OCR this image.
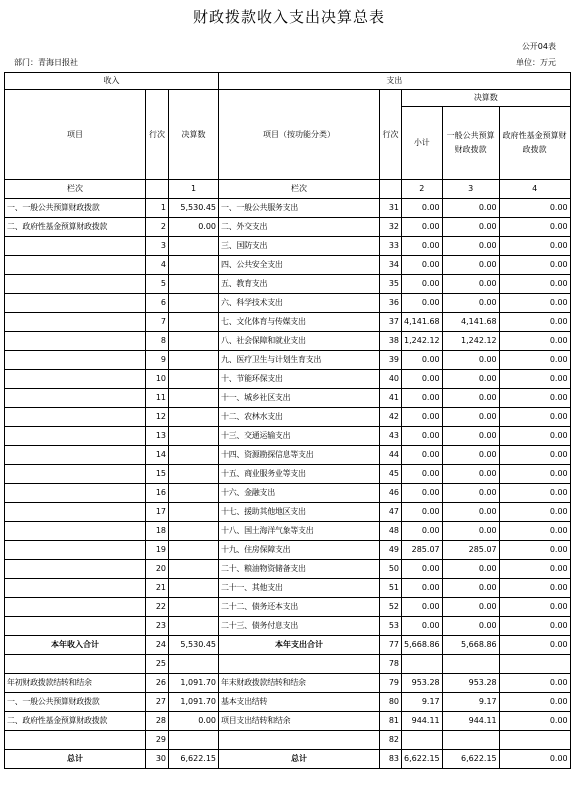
财政拨款收入支出决算总表
公开04表
部门：青海日报社	单位：万元
收入			支出				
项目	行次	决算数	项目（按功能分类）	行次	决算数		
					小计	一般公共预算财政拨款	政府性基金预算财政拨款
栏次		1	栏次		2	3	4
一、一般公共预算财政拨款	1	5,530.45	一、一般公共服务支出	31	0.00	0.00	0.00
二、政府性基金预算财政拨款	2	0.00	二、外交支出	32	0.00	0.00	0.00
	3		三、国防支出	33	0.00	0.00	0.00
	4		四、公共安全支出	34	0.00	0.00	0.00
	5		五、教育支出	35	0.00	0.00	0.00
	6		六、科学技术支出	36	0.00	0.00	0.00
	7		七、文化体育与传媒支出	37	4,141.68	4,141.68	0.00
	8		八、社会保障和就业支出	38	1,242.12	1,242.12	0.00
	9		九、医疗卫生与计划生育支出	39	0.00	0.00	0.00
	10		十、节能环保支出	40	0.00	0.00	0.00
	11		十一、城乡社区支出	41	0.00	0.00	0.00
	12		十二、农林水支出	42	0.00	0.00	0.00
	13		十三、交通运输支出	43	0.00	0.00	0.00
	14		十四、资源勘探信息等支出	44	0.00	0.00	0.00
	15		十五、商业服务业等支出	45	0.00	0.00	0.00
	16		十六、金融支出	46	0.00	0.00	0.00
	17		十七、援助其他地区支出	47	0.00	0.00	0.00
	18		十八、国土海洋气象等支出	48	0.00	0.00	0.00
	19		十九、住房保障支出	49	285.07	285.07	0.00
	20		二十、粮油物资储备支出	50	0.00	0.00	0.00
	21		二十一、其他支出	51	0.00	0.00	0.00
	22		二十二、债务还本支出	52	0.00	0.00	0.00
	23		二十三、债务付息支出	53	0.00	0.00	0.00
本年收入合计	24	5,530.45	本年支出合计	77	5,668.86	5,668.86	0.00
	25			78			
年初财政拨款结转和结余	26	1,091.70	年末财政拨款结转和结余	79	953.28	953.28	0.00
一、一般公共预算财政拨款	27	1,091.70	基本支出结转	80	9.17	9.17	0.00
二、政府性基金预算财政拨款	28	0.00	项目支出结转和结余	81	944.11	944.11	0.00
	29			82			
总计	30	6,622.15	总计	83	6,622.15	6,622.15	0.00
